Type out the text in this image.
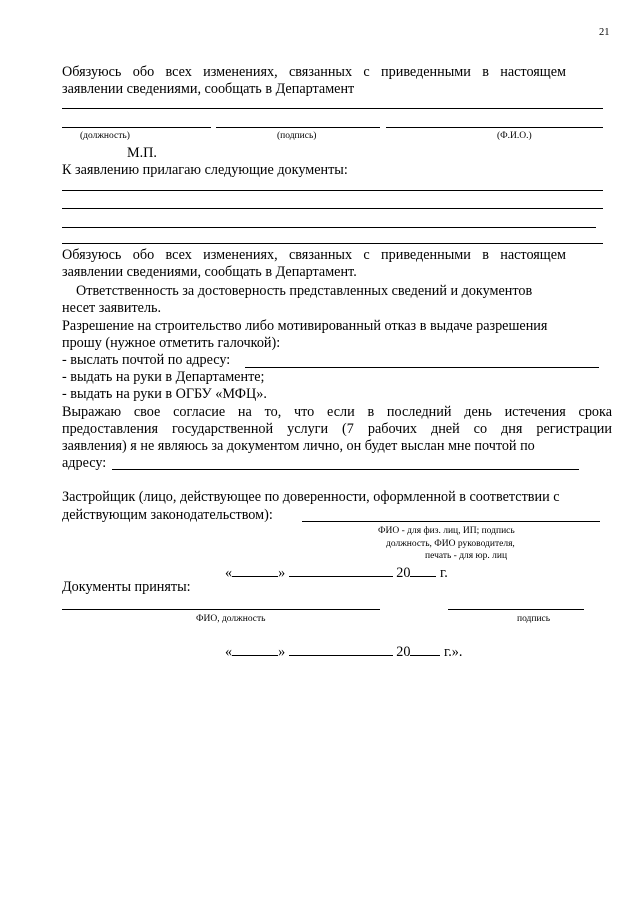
21
Обязуюсь обо всех изменениях, связанных с приведенными в настоящем
заявлении сведениями, сообщать в Департамент
(должность)	(подпись)	(Ф.И.О.)
М.П.
К заявлению прилагаю следующие документы:
Обязуюсь обо всех изменениях, связанных с приведенными в настоящем
заявлении сведениями, сообщать в Департамент.
Ответственность за достоверность представленных сведений и документов
несет заявитель.
Разрешение на строительство либо мотивированный отказ в выдаче разрешения
прошу (нужное отметить галочкой):
- выслать почтой по адресу:
- выдать на руки в Департаменте;
- выдать на руки в ОГБУ «МФЦ».
Выражаю свое согласие на то, что если в последний день истечения срока
предоставления государственной услуги (7 рабочих дней со дня регистрации
заявления) я не являюсь за документом лично, он будет выслан мне почтой по
адресу:
Застройщик (лицо, действующее по доверенности, оформленной в соответствии с
действующим законодательством):
ФИО - для физ. лиц, ИП; подпись
должность, ФИО руководителя,
печать - для юр. лиц
«	»	20 г.
Документы приняты:
ФИО, должность	подпись
«	»	20 г.».
